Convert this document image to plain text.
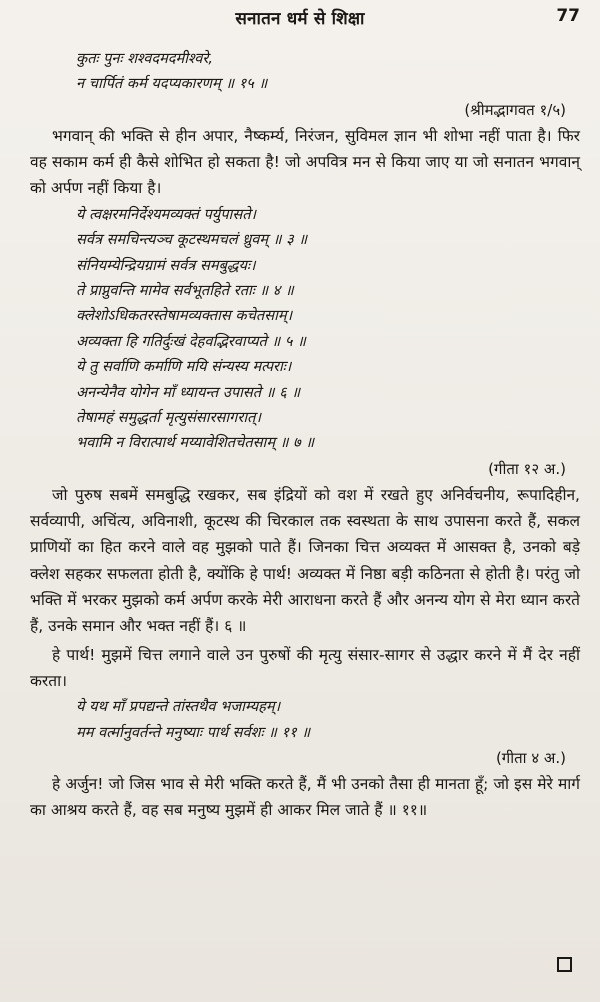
सनातन धर्म से शिक्षा	77
कुतः पुनः शश्वदमदमीश्वरे,
न चार्पितं कर्म यदप्यकारणम् ॥ १५ ॥
(श्रीमद्भागवत १/५)

भगवान् की भक्ति से हीन अपार, नैष्कर्म्य, निरंजन, सुविमल ज्ञान भी शोभा नहीं पाता है। फिर वह सकाम कर्म ही कैसे शोभित हो सकता है! जो अपवित्र मन से किया जाए या जो सनातन भगवान् को अर्पण नहीं किया है।

ये त्वक्षरमनिर्देश्यमव्यक्तं पर्युपासते।
सर्वत्र समचिन्त्यञ्च कूटस्थमचलं ध्रुवम् ॥ ३ ॥
संनियम्येन्द्रियग्रामं सर्वत्र समबुद्धयः।
ते प्राप्नुवन्ति मामेव सर्वभूतहिते रताः ॥ ४ ॥
क्लेशोऽधिकतरस्तेषामव्यक्तास कचेतसाम्।
अव्यक्ता हि गतिर्दुःखं देहवद्भिरवाप्यते ॥ ५ ॥
ये तु सर्वाणि कर्माणि मयि संन्यस्य मत्पराः।
अनन्येनैव योगेन माँ ध्यायन्त उपासते ॥ ६ ॥
तेषामहं समुद्धर्ता मृत्युसंसारसागरात्।
भवामि न विरात्पार्थ मय्यावेशितचेतसाम् ॥ ७ ॥
(गीता १२ अ.)

जो पुरुष सबमें समबुद्धि रखकर, सब इंद्रियों को वश में रखते हुए अनिर्वचनीय, रूपादिहीन, सर्वव्यापी, अचिंत्य, अविनाशी, कूटस्थ की चिरकाल तक स्वस्थता के साथ उपासना करते हैं, सकल प्राणियों का हित करने वाले वह मुझको पाते हैं। जिनका चित्त अव्यक्त में आसक्त है, उनको बड़े क्लेश सहकर सफलता होती है, क्योंकि हे पार्थ! अव्यक्त में निष्ठा बड़ी कठिनता से होती है। परंतु जो भक्ति में भरकर मुझको कर्म अर्पण करके मेरी आराधना करते हैं और अनन्य योग से मेरा ध्यान करते हैं, उनके समान और भक्त नहीं हैं। ६ ॥

हे पार्थ! मुझमें चित्त लगाने वाले उन पुरुषों की मृत्यु संसार-सागर से उद्धार करने में मैं देर नहीं करता।

ये यथ माँ प्रपद्यन्ते तांस्तथैव भजाम्यहम्।
मम वर्त्मानुवर्तन्ते मनुष्याः पार्थ सर्वशः ॥ ११ ॥
(गीता ४ अ.)

हे अर्जुन! जो जिस भाव से मेरी भक्ति करते हैं, मैं भी उनको तैसा ही मानता हूँ; जो इस मेरे मार्ग का आश्रय करते हैं, वह सब मनुष्य मुझमें ही आकर मिल जाते हैं ॥ ११॥
